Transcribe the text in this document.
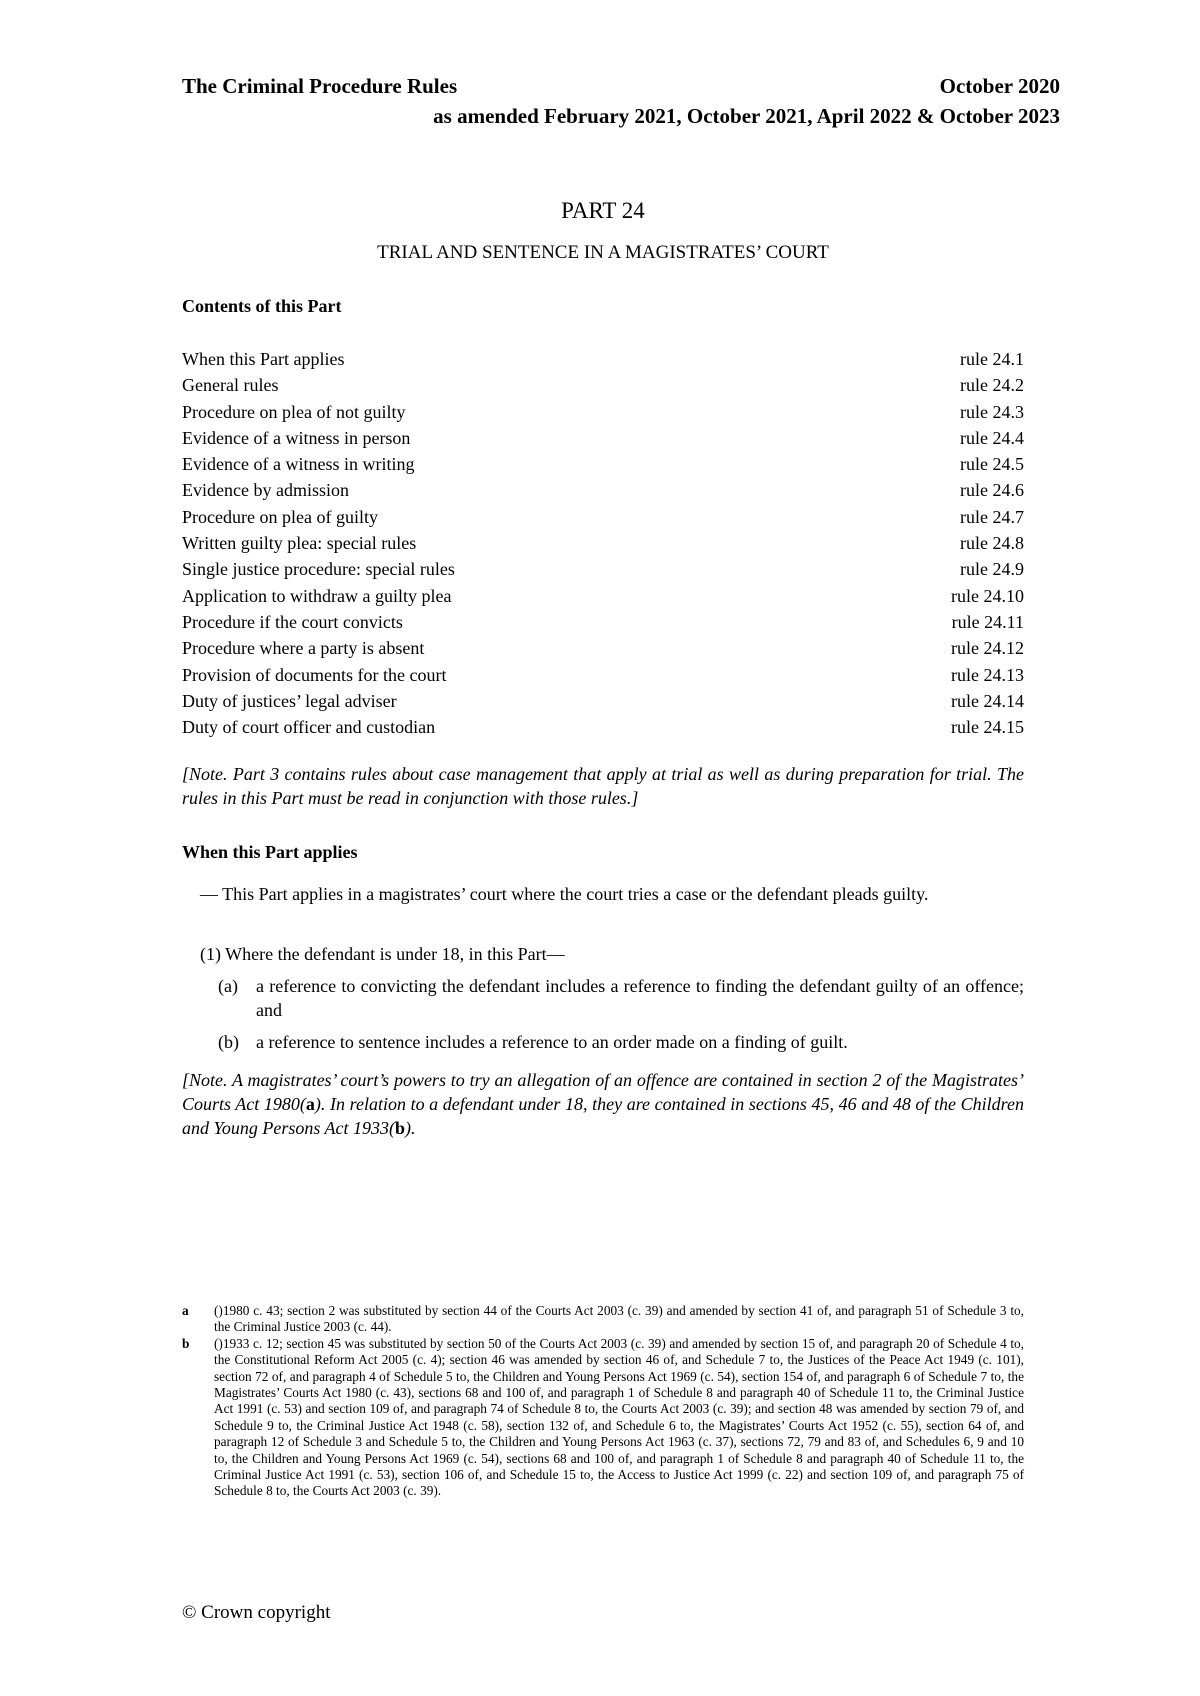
The Criminal Procedure Rules	October 2020
as amended February 2021, October 2021, April 2022 & October 2023
PART 24
TRIAL AND SENTENCE IN A MAGISTRATES’ COURT
Contents of this Part
When this Part applies	rule 24.1
General rules	rule 24.2
Procedure on plea of not guilty	rule 24.3
Evidence of a witness in person	rule 24.4
Evidence of a witness in writing	rule 24.5
Evidence by admission	rule 24.6
Procedure on plea of guilty	rule 24.7
Written guilty plea: special rules	rule 24.8
Single justice procedure: special rules	rule 24.9
Application to withdraw a guilty plea	rule 24.10
Procedure if the court convicts	rule 24.11
Procedure where a party is absent	rule 24.12
Provision of documents for the court	rule 24.13
Duty of justices’ legal adviser	rule 24.14
Duty of court officer and custodian	rule 24.15
[Note. Part 3 contains rules about case management that apply at trial as well as during preparation for trial. The rules in this Part must be read in conjunction with those rules.]
When this Part applies
— This Part applies in a magistrates’ court where the court tries a case or the defendant pleads guilty.
(1) Where the defendant is under 18, in this Part—
(a) a reference to convicting the defendant includes a reference to finding the defendant guilty of an offence; and
(b) a reference to sentence includes a reference to an order made on a finding of guilt.
[Note. A magistrates’ court’s powers to try an allegation of an offence are contained in section 2 of the Magistrates’ Courts Act 1980(a). In relation to a defendant under 18, they are contained in sections 45, 46 and 48 of the Children and Young Persons Act 1933(b).
a ()1980 c. 43; section 2 was substituted by section 44 of the Courts Act 2003 (c. 39) and amended by section 41 of, and paragraph 51 of Schedule 3 to, the Criminal Justice 2003 (c. 44).
b ()1933 c. 12; section 45 was substituted by section 50 of the Courts Act 2003 (c. 39) and amended by section 15 of, and paragraph 20 of Schedule 4 to, the Constitutional Reform Act 2005 (c. 4); section 46 was amended by section 46 of, and Schedule 7 to, the Justices of the Peace Act 1949 (c. 101), section 72 of, and paragraph 4 of Schedule 5 to, the Children and Young Persons Act 1969 (c. 54), section 154 of, and paragraph 6 of Schedule 7 to, the Magistrates’ Courts Act 1980 (c. 43), sections 68 and 100 of, and paragraph 1 of Schedule 8 and paragraph 40 of Schedule 11 to, the Criminal Justice Act 1991 (c. 53) and section 109 of, and paragraph 74 of Schedule 8 to, the Courts Act 2003 (c. 39); and section 48 was amended by section 79 of, and Schedule 9 to, the Criminal Justice Act 1948 (c. 58), section 132 of, and Schedule 6 to, the Magistrates’ Courts Act 1952 (c. 55), section 64 of, and paragraph 12 of Schedule 3 and Schedule 5 to, the Children and Young Persons Act 1963 (c. 37), sections 72, 79 and 83 of, and Schedules 6, 9 and 10 to, the Children and Young Persons Act 1969 (c. 54), sections 68 and 100 of, and paragraph 1 of Schedule 8 and paragraph 40 of Schedule 11 to, the Criminal Justice Act 1991 (c. 53), section 106 of, and Schedule 15 to, the Access to Justice Act 1999 (c. 22) and section 109 of, and paragraph 75 of Schedule 8 to, the Courts Act 2003 (c. 39).
© Crown copyright
